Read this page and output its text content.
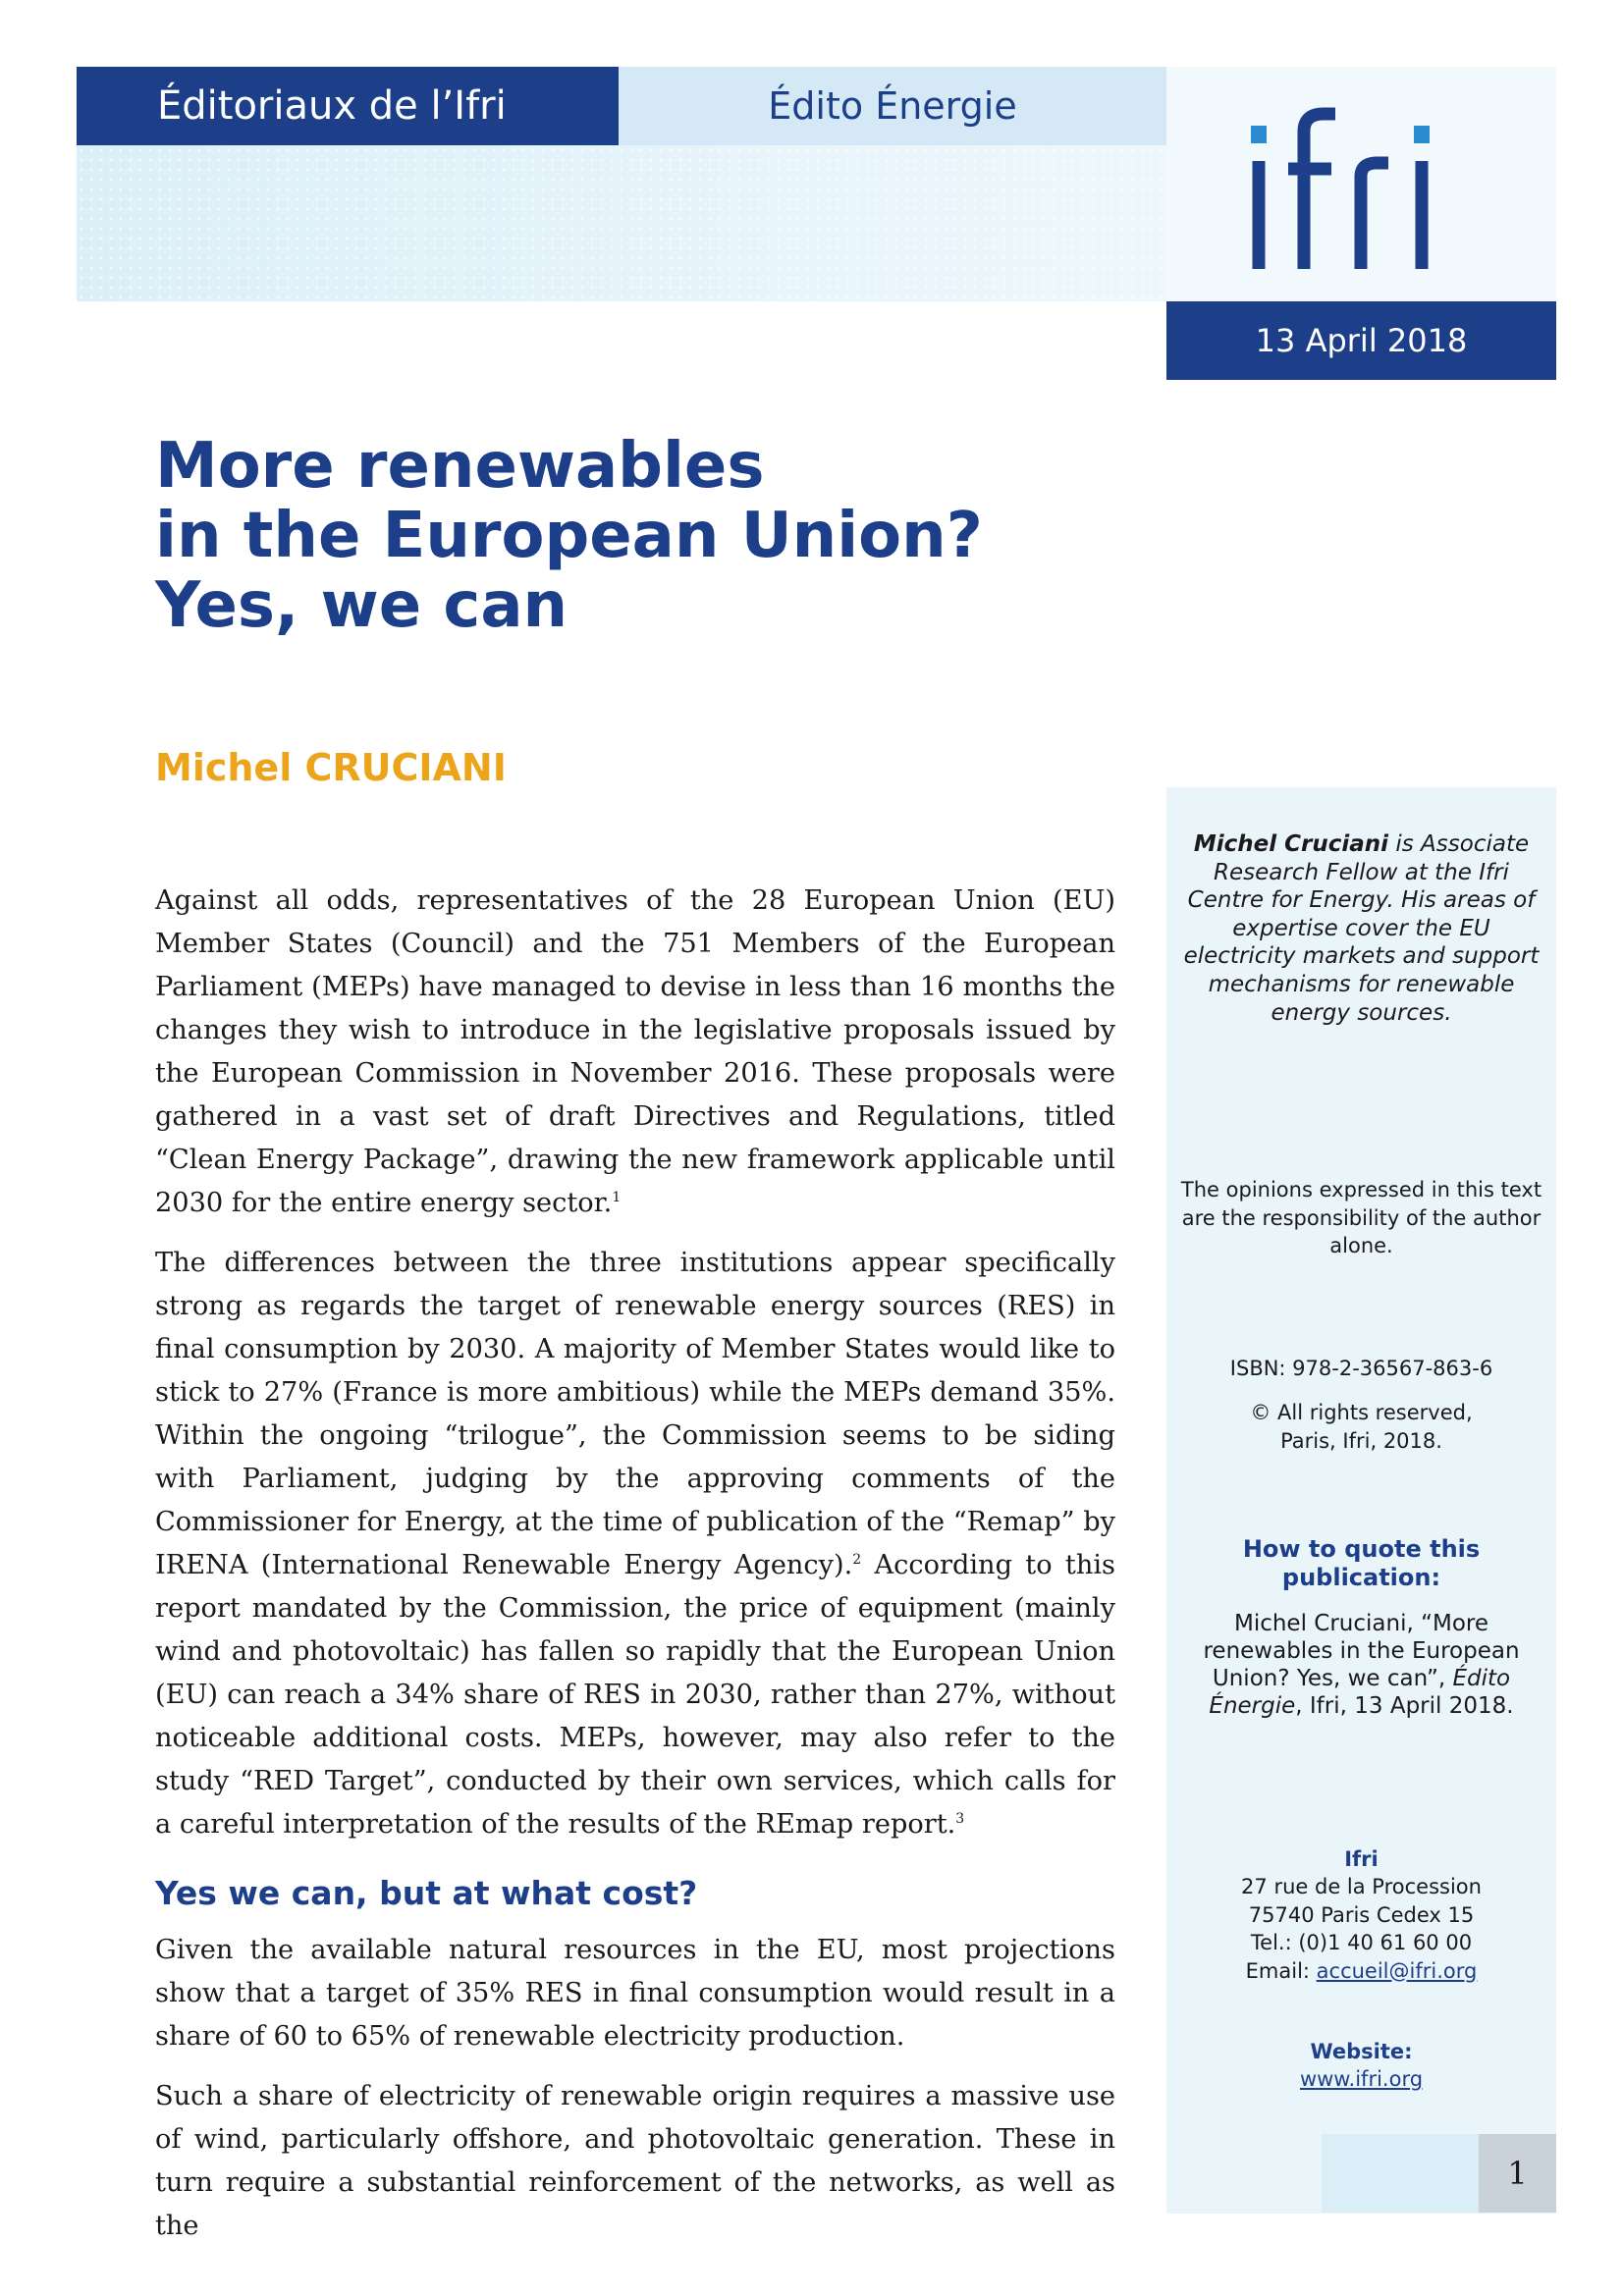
Éditoriaux de l’Ifri	Édito Énergie
13 April 2018
More renewables
in the European Union?
Yes, we can
Michel CRUCIANI

Against all odds, representatives of the 28 European Union (EU) Member States (Council) and the 751 Members of the European Parliament (MEPs) have managed to devise in less than 16 months the changes they wish to introduce in the legislative proposals issued by the European Commission in November 2016. These proposals were gathered in a vast set of draft Directives and Regulations, titled “Clean Energy Package”, drawing the new framework applicable until 2030 for the entire energy sector.$^1$

The differences between the three institutions appear specifically strong as regards the target of renewable energy sources (RES) in final consumption by 2030. A majority of Member States would like to stick to 27% (France is more ambitious) while the MEPs demand 35%. Within the ongoing “trilogue”, the Commission seems to be siding with Parliament, judging by the approving comments of the Commissioner for Energy, at the time of publication of the “Remap” by IRENA (International Renewable Energy Agency).$^2$ According to this report mandated by the Commission, the price of equipment (mainly wind and photovoltaic) has fallen so rapidly that the European Union (EU) can reach a 34% share of RES in 2030, rather than 27%, without noticeable additional costs. MEPs, however, may also refer to the study “RED Target”, conducted by their own services, which calls for a careful interpretation of the results of the REmap report.$^3$

Yes we can, but at what cost?

Given the available natural resources in the EU, most projections show that a target of 35% RES in final consumption would result in a share of 60 to 65% of renewable electricity production.

Such a share of electricity of renewable origin requires a massive use of wind, particularly offshore, and photovoltaic generation. These in turn require a substantial reinforcement of the networks, as well as the

Michel Cruciani is Associate Research Fellow at the Ifri Centre for Energy. His areas of expertise cover the EU electricity markets and support mechanisms for renewable energy sources.
The opinions expressed in this text are the responsibility of the author alone.
ISBN: 978-2-36567-863-6
© All rights reserved,
Paris, Ifri, 2018.
How to quote this publication:
Michel Cruciani, “More renewables in the European Union? Yes, we can”, Édito Énergie, Ifri, 13 April 2018.
Ifri
27 rue de la Procession
75740 Paris Cedex 15
Tel.: (0)1 40 61 60 00
Email: accueil@ifri.org
Website:
www.ifri.org
1
